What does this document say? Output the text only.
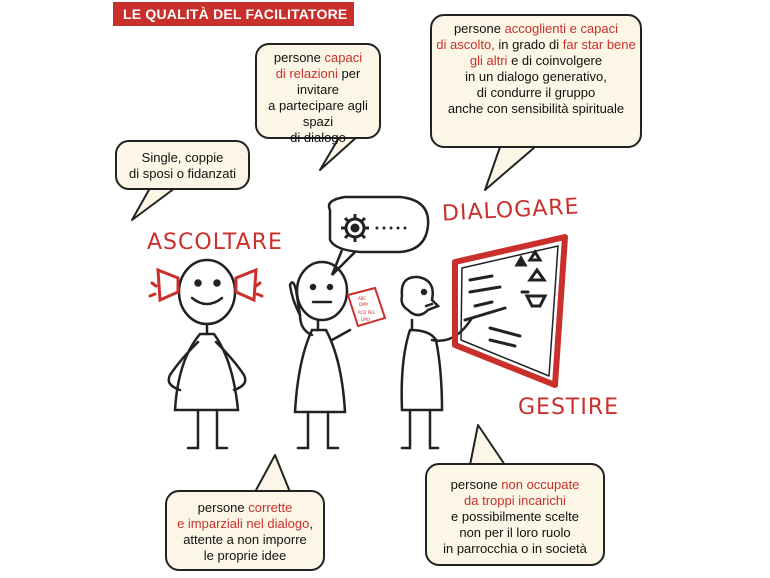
LE QUALITÀ DEL FACILITATORE
ABC
DMP
RCD PEL
LMO
ASCOLTARE
DIALOGARE
GESTIRE
persone capaci
di relazioni per invitare
a partecipare agli spazi
di dialogo
persone accoglienti e capaci
di ascolto, in grado di far star bene
gli altri e di coinvolgere
in un dialogo generativo,
di condurre il gruppo
anche con sensibilità spirituale
Single, coppie
di sposi o fidanzati
persone corrette
e imparziali nel dialogo,
attente a non imporre
le proprie idee
persone non occupate
da troppi incarichi
e possibilmente scelte
non per il loro ruolo
in parrocchia o in società
